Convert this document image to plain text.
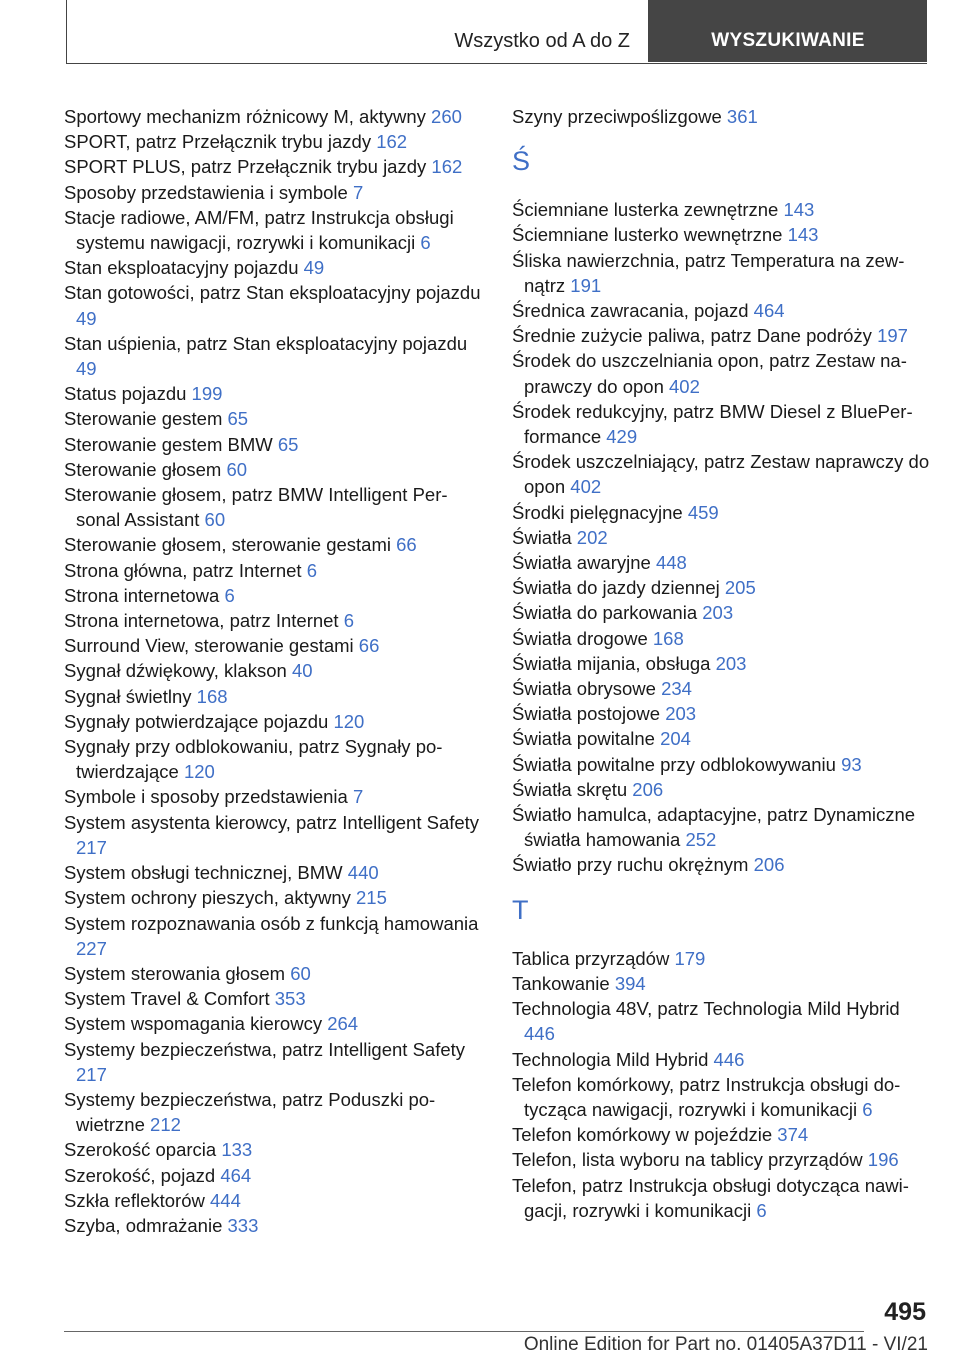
Wszystko od A do Z	WYSZUKIWANIE
Sportowy mechanizm różnicowy M, aktywny 260
SPORT, patrz Przełącznik trybu jazdy 162
SPORT PLUS, patrz Przełącznik trybu jazdy 162
Sposoby przedstawienia i symbole 7
Stacje radiowe, AM/FM, patrz Instrukcja obsługi systemu nawigacji, rozrywki i komunikacji 6
Stan eksploatacyjny pojazdu 49
Stan gotowości, patrz Stan eksploatacyjny pojazdu 49
Stan uśpienia, patrz Stan eksploatacyjny pojazdu 49
Status pojazdu 199
Sterowanie gestem 65
Sterowanie gestem BMW 65
Sterowanie głosem 60
Sterowanie głosem, patrz BMW Intelligent Personal Assistant 60
Sterowanie głosem, sterowanie gestami 66
Strona główna, patrz Internet 6
Strona internetowa 6
Strona internetowa, patrz Internet 6
Surround View, sterowanie gestami 66
Sygnał dźwiękowy, klakson 40
Sygnał świetlny 168
Sygnały potwierdzające pojazdu 120
Sygnały przy odblokowaniu, patrz Sygnały potwierdzające 120
Symbole i sposoby przedstawienia 7
System asystenta kierowcy, patrz Intelligent Safety 217
System obsługi technicznej, BMW 440
System ochrony pieszych, aktywny 215
System rozpoznawania osób z funkcją hamowania 227
System sterowania głosem 60
System Travel & Comfort 353
System wspomagania kierowcy 264
Systemy bezpieczeństwa, patrz Intelligent Safety 217
Systemy bezpieczeństwa, patrz Poduszki powietrzne 212
Szerokość oparcia 133
Szerokość, pojazd 464
Szkła reflektorów 444
Szyba, odmrażanie 333
Szyny przeciwpoślizgowe 361
Ś
Ściemniane lusterka zewnętrzne 143
Ściemniane lusterko wewnętrzne 143
Śliska nawierzchnia, patrz Temperatura na zewnątrz 191
Średnica zawracania, pojazd 464
Średnie zużycie paliwa, patrz Dane podróży 197
Środek do uszczelniania opon, patrz Zestaw naprawczy do opon 402
Środek redukcyjny, patrz BMW Diesel z BluePerformance 429
Środek uszczelniający, patrz Zestaw naprawczy do opon 402
Środki pielęgnacyjne 459
Światła 202
Światła awaryjne 448
Światła do jazdy dziennej 205
Światła do parkowania 203
Światła drogowe 168
Światła mijania, obsługa 203
Światła obrysowe 234
Światła postojowe 203
Światła powitalne 204
Światła powitalne przy odblokowywaniu 93
Światła skrętu 206
Światło hamulca, adaptacyjne, patrz Dynamiczne światła hamowania 252
Światło przy ruchu okrężnym 206
T
Tablica przyrządów 179
Tankowanie 394
Technologia 48V, patrz Technologia Mild Hybrid 446
Technologia Mild Hybrid 446
Telefon komórkowy, patrz Instrukcja obsługi dotycząca nawigacji, rozrywki i komunikacji 6
Telefon komórkowy w pojeździe 374
Telefon, lista wyboru na tablicy przyrządów 196
Telefon, patrz Instrukcja obsługi dotycząca nawigacji, rozrywki i komunikacji 6
495
Online Edition for Part no. 01405A37D11 - VI/21
